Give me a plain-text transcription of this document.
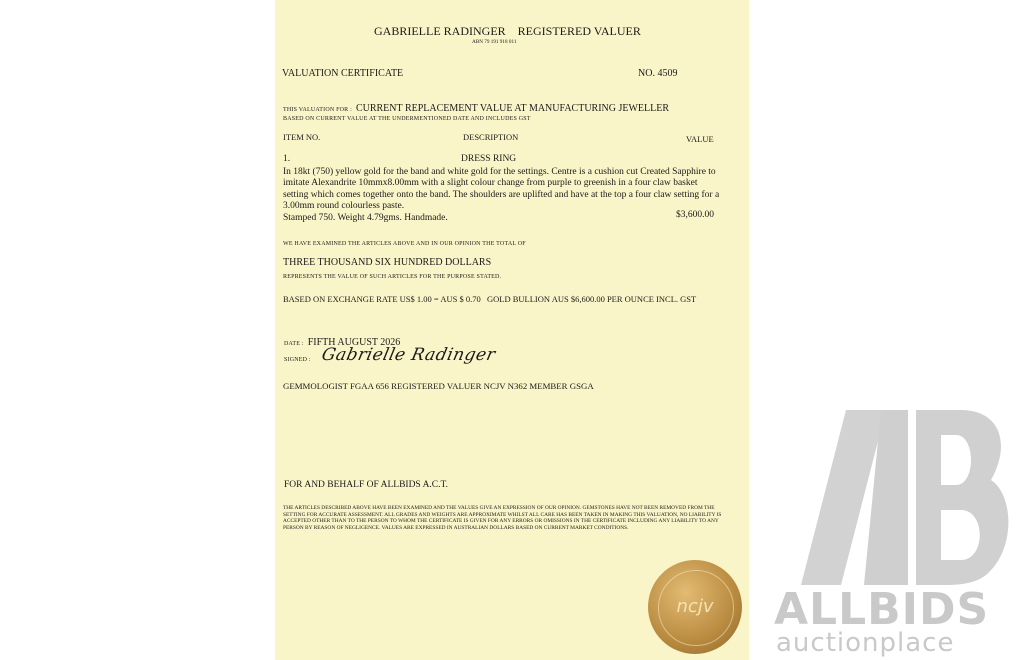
GABRIELLE RADINGER REGISTERED VALUER
ABN 79 191 918 011
VALUATION CERTIFICATE	NO. 4509
THIS VALUATION FOR : CURRENT REPLACEMENT VALUE AT MANUFACTURING JEWELLER
BASED ON CURRENT VALUE AT THE UNDERMENTIONED DATE AND INCLUDES GST
ITEM NO.	DESCRIPTION	VALUE
1.	DRESS RING
In 18kt (750) yellow gold for the band and white gold for the settings. Centre is a cushion cut Created Sapphire to imitate Alexandrite 10mmx8.00mm with a slight colour change from purple to greenish in a four claw basket setting which comes together onto the band. The shoulders are uplifted and have at the top a four claw setting for a 3.00mm round colourless paste.
Stamped 750. Weight 4.79gms. Handmade.	$3,600.00
WE HAVE EXAMINED THE ARTICLES ABOVE AND IN OUR OPINION THE TOTAL OF
THREE THOUSAND SIX HUNDRED DOLLARS
REPRESENTS THE VALUE OF SUCH ARTICLES FOR THE PURPOSE STATED.
BASED ON EXCHANGE RATE US$ 1.00 = AUS $ 0.70 GOLD BULLION AUS $6,600.00 PER OUNCE INCL. GST
DATE : FIFTH AUGUST 2026
SIGNED : Gabrielle Radinger
GEMMOLOGIST FGAA 656 REGISTERED VALUER NCJV N362 MEMBER GSGA
FOR AND BEHALF OF ALLBIDS A.C.T.
THE ARTICLES DESCRIBED ABOVE HAVE BEEN EXAMINED AND THE VALUES GIVE AN EXPRESSION OF OUR OPINION. GEMSTONES HAVE NOT BEEN REMOVED FROM THE SETTING FOR ACCURATE ASSESSMENT. ALL GRADES AND WEIGHTS ARE APPROXIMATE WHILST ALL CARE HAS BEEN TAKEN IN MAKING THIS VALUATION, NO LIABILITY IS ACCEPTED OTHER THAN TO THE PERSON TO WHOM THE CERTIFICATE IS GIVEN FOR ANY ERRORS OR OMISSIONS IN THE CERTIFICATE INCLUDING ANY LIABILITY TO ANY PERSON BY REASON OF NEGLIGENCE. VALUES ARE EXPRESSED IN AUSTRALIAN DOLLARS BASED ON CURRENT MARKET CONDITIONS.
ncjv	ALLBIDS
auctionplace
